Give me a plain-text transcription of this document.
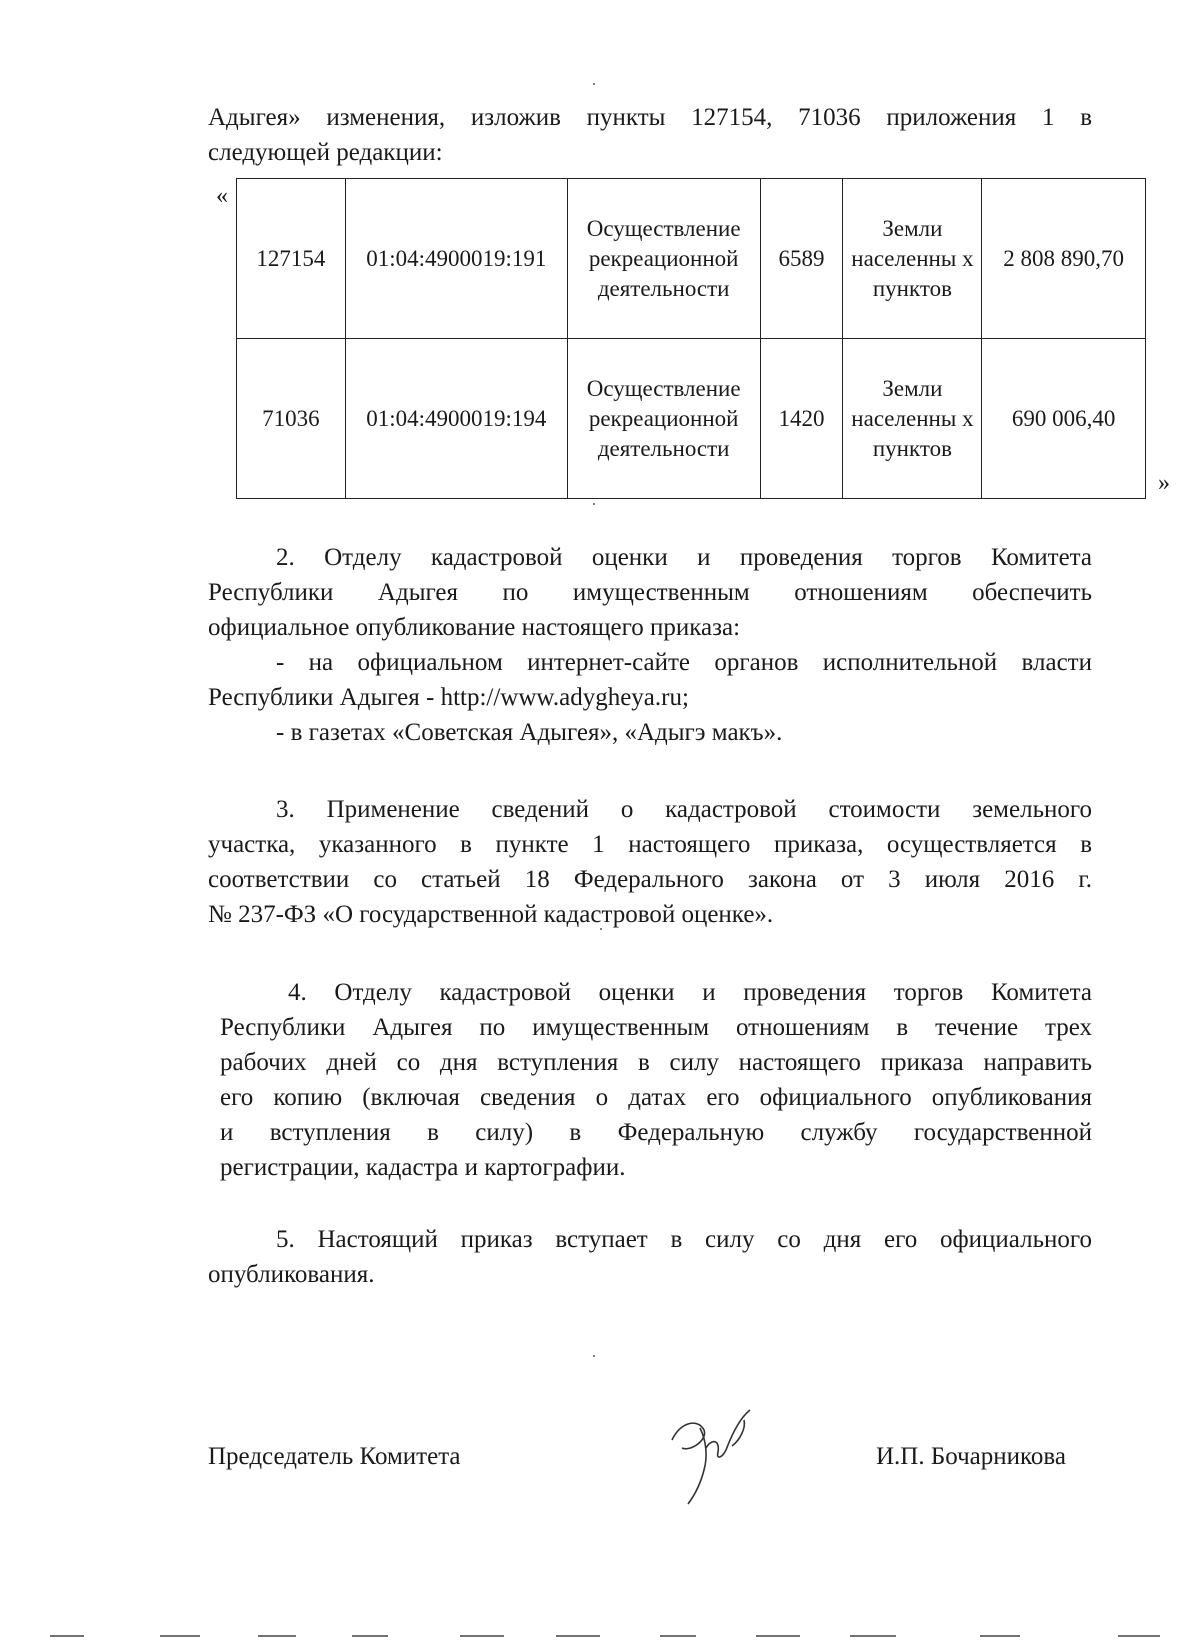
Адыгея» изменения, изложив пункты 127154, 71036 приложения 1 в
следующей редакции:
«
127154	01:04:4900019:191	Осуществление рекреационной деятельности	6589	Земли населенны х пунктов	2 808 890,70
71036	01:04:4900019:194	Осуществление рекреационной деятельности	1420	Земли населенны х пунктов	690 006,40
»
2. Отделу кадастровой оценки и проведения торгов Комитета
Республики Адыгея по имущественным отношениям обеспечить
официальное опубликование настоящего приказа:
- на официальном интернет-сайте органов исполнительной власти
Республики Адыгея - http://www.adygheya.ru;
- в газетах «Советская Адыгея», «Адыгэ макъ».
3. Применение сведений о кадастровой стоимости земельного
участка, указанного в пункте 1 настоящего приказа, осуществляется в
соответствии со статьей 18 Федерального закона от 3 июля 2016 г.
№ 237-ФЗ «О государственной кадастровой оценке».
4. Отделу кадастровой оценки и проведения торгов Комитета
Республики Адыгея по имущественным отношениям в течение трех
рабочих дней со дня вступления в силу настоящего приказа направить
его копию (включая сведения о датах его официального опубликования
и вступления в силу) в Федеральную службу государственной
регистрации, кадастра и картографии.
5. Настоящий приказ вступает в силу со дня его официального
опубликования.
Председатель Комитета	И.П. Бочарникова
